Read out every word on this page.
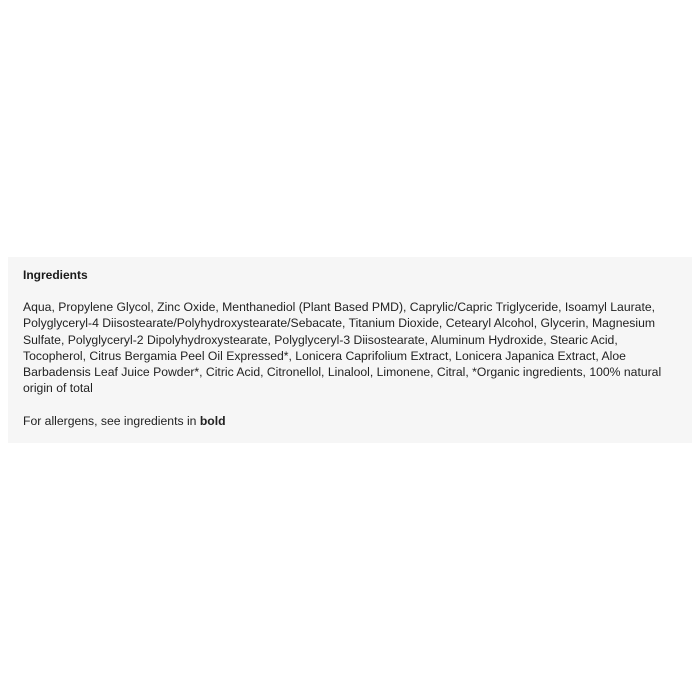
Ingredients
Aqua, Propylene Glycol, Zinc Oxide, Menthanediol (Plant Based PMD), Caprylic/Capric Triglyceride, Isoamyl Laurate, Polyglyceryl-4 Diisostearate/Polyhydroxystearate/Sebacate, Titanium Dioxide, Cetearyl Alcohol, Glycerin, Magnesium Sulfate, Polyglyceryl-2 Dipolyhydroxystearate, Polyglyceryl-3 Diisostearate, Aluminum Hydroxide, Stearic Acid, Tocopherol, Citrus Bergamia Peel Oil Expressed*, Lonicera Caprifolium Extract, Lonicera Japanica Extract, Aloe Barbadensis Leaf Juice Powder*, Citric Acid, Citronellol, Linalool, Limonene, Citral, *Organic ingredients, 100% natural origin of total
For allergens, see ingredients in bold
